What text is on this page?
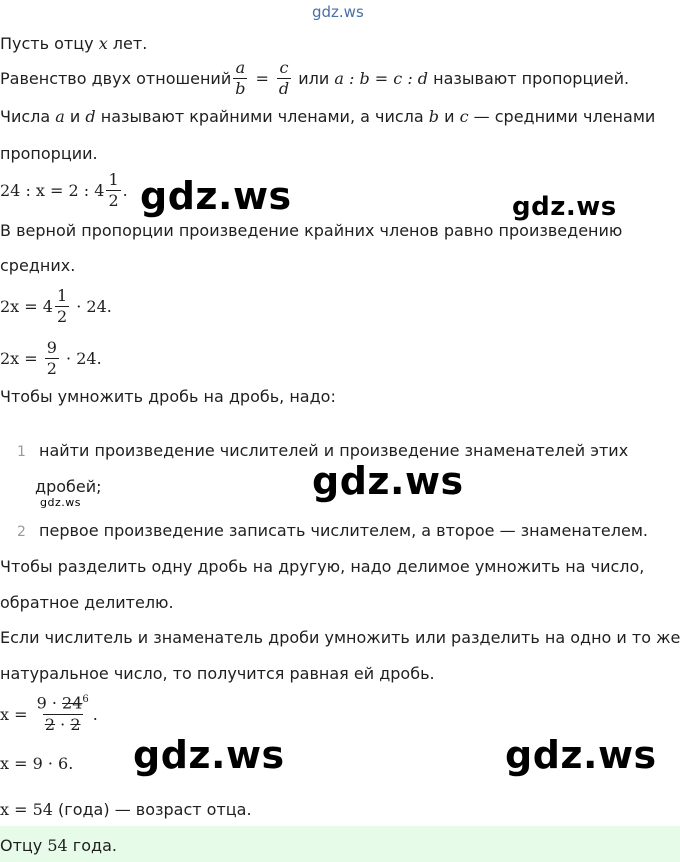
gdz.ws
Пусть отцу x лет.
Равенство двух отношений $\frac{a}{b} = \frac{c}{d}$ или a : b = c : d называют пропорцией.
Числа a и d называют крайними членами, а числа b и c — средними членами
пропорции.
24 : x = 2 : $4 \frac{1}{2}$ .
В верной пропорции произведение крайних членов равно произведению
средних.
$2x = 4 \frac{1}{2} \cdot 24$.
$2x = \frac{9}{2} \cdot 24$.
Чтобы умножить дробь на дробь, надо:
1 найти произведение числителей и произведение знаменателей этих
дробей;
2 первое произведение записать числителем, а второе — знаменателем.
Чтобы разделить одну дробь на другую, надо делимое умножить на число,
обратное делителю.
Если числитель и знаменатель дроби умножить или разделить на одно и то же
натуральное число, то получится равная ей дробь.
$x = \frac{9 \cdot 24^6}{2 \cdot 2}$ .
x = 9 · 6.
x = 54 (года) — возраст отца.
Отцу 54 года.
gdz.ws	gdz.ws
gdz.ws
gdz.ws
gdz.ws	gdz.ws
